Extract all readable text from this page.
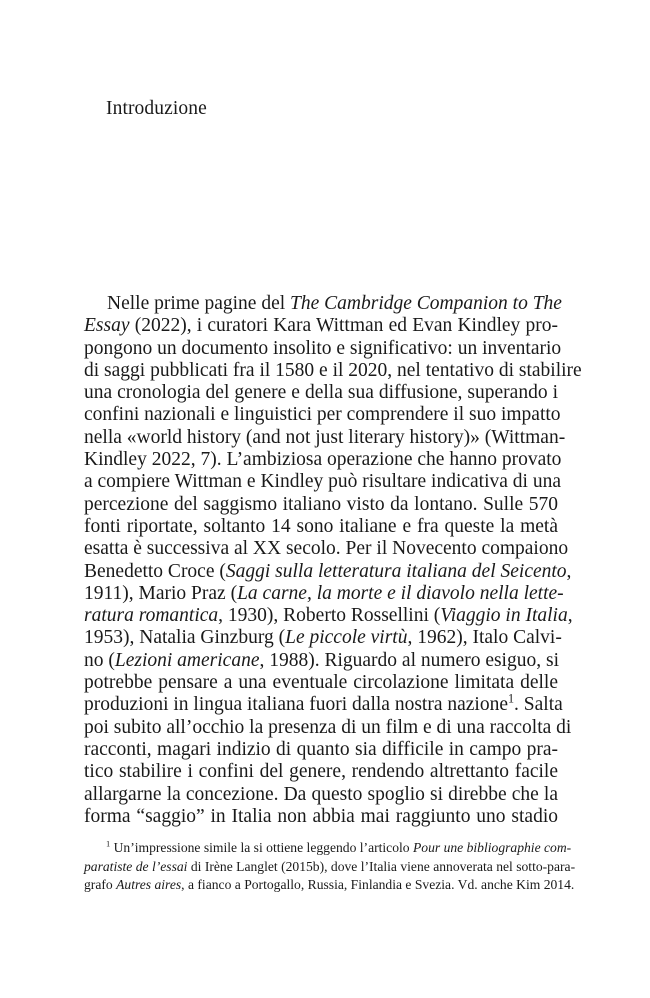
Introduzione
Nelle prime pagine del The Cambridge Companion to The
Essay (2022), i curatori Kara Wittman ed Evan Kindley pro-
pongono un documento insolito e significativo: un inventario
di saggi pubblicati fra il 1580 e il 2020, nel tentativo di stabilire
una cronologia del genere e della sua diffusione, superando i
confini nazionali e linguistici per comprendere il suo impatto
nella «world history (and not just literary history)» (Wittman-
Kindley 2022, 7). L’ambiziosa operazione che hanno provato
a compiere Wittman e Kindley può risultare indicativa di una
percezione del saggismo italiano visto da lontano. Sulle 570
fonti riportate, soltanto 14 sono italiane e fra queste la metà
esatta è successiva al XX secolo. Per il Novecento compaiono
Benedetto Croce (Saggi sulla letteratura italiana del Seicento,
1911), Mario Praz (La carne, la morte e il diavolo nella lette-
ratura romantica, 1930), Roberto Rossellini (Viaggio in Italia,
1953), Natalia Ginzburg (Le piccole virtù, 1962), Italo Calvi-
no (Lezioni americane, 1988). Riguardo al numero esiguo, si
potrebbe pensare a una eventuale circolazione limitata delle
produzioni in lingua italiana fuori dalla nostra nazione$^1$. Salta
poi subito all’occhio la presenza di un film e di una raccolta di
racconti, magari indizio di quanto sia difficile in campo pra-
tico stabilire i confini del genere, rendendo altrettanto facile
allargarne la concezione. Da questo spoglio si direbbe che la
forma “saggio” in Italia non abbia mai raggiunto uno stadio
$^1$ Un’impressione simile la si ottiene leggendo l’articolo Pour une bibliographie com-
paratiste de l’essai di Irène Langlet (2015b), dove l’Italia viene annoverata nel sotto-para-
grafo Autres aires, a fianco a Portogallo, Russia, Finlandia e Svezia. Vd. anche Kim 2014.
